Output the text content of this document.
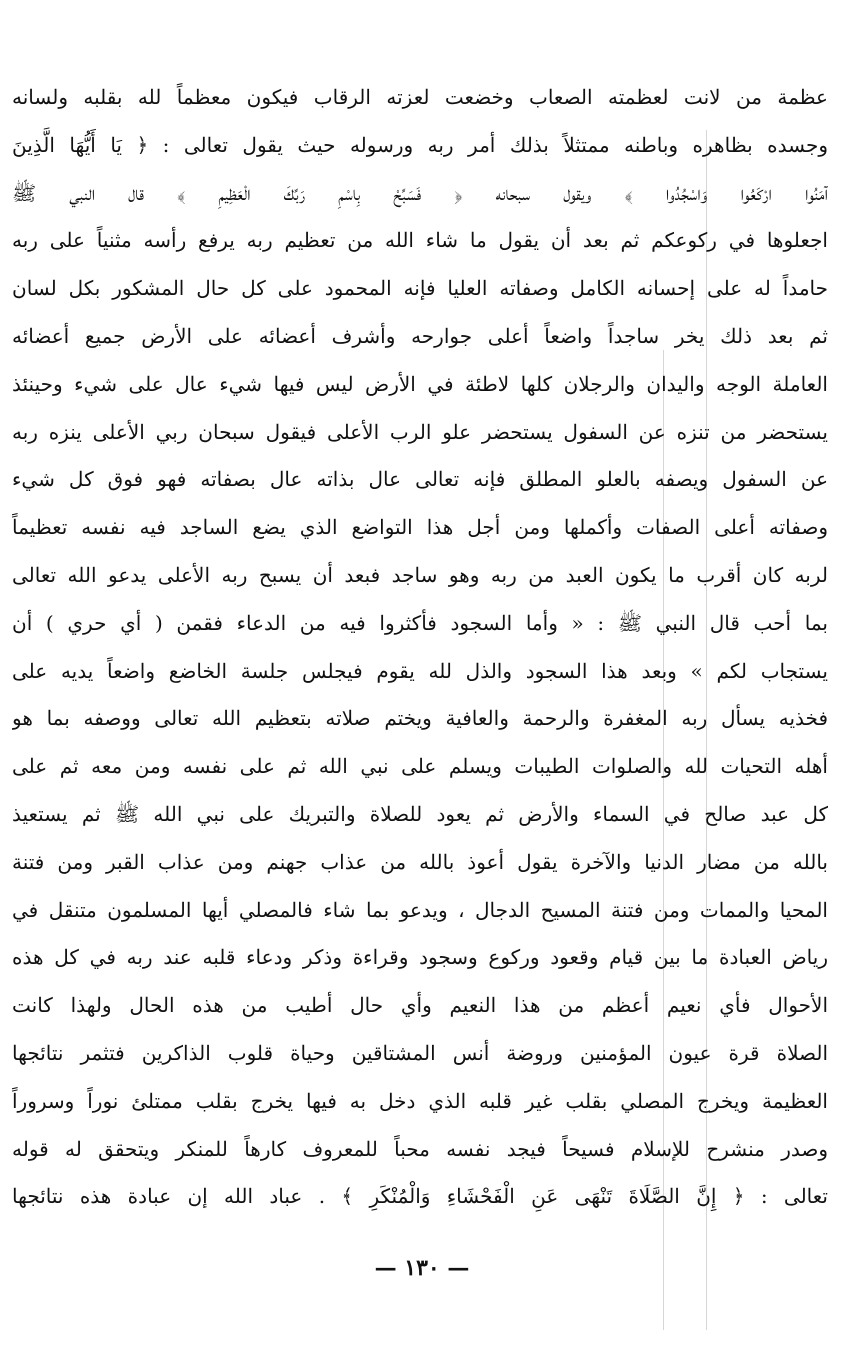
عظمة من لانت لعظمته الصعاب وخضعت لعزته الرقاب فيكون معظماً لله بقلبه ولسانه
وجسده بظاهره وباطنه ممتثلاً بذلك أمر ربه ورسوله حيث يقول تعالى : ﴿ يَا أَيُّهَا الَّذِينَ
آمَنُوا ارْكَعُوا وَاسْجُدُوا ﴾ ويقول سبحانه ﴿ فَسَبِّحْ بِاسْمِ رَبِّكَ الْعَظِيمِ ﴾ قال النبي ﷺ
اجعلوها في ركوعكم ثم بعد أن يقول ما شاء الله من تعظيم ربه يرفع رأسه مثنياً على ربه
حامداً له على إحسانه الكامل وصفاته العليا فإنه المحمود على كل حال المشكور بكل لسان
ثم بعد ذلك يخر ساجداً واضعاً أعلى جوارحه وأشرف أعضائه على الأرض جميع أعضائه
العاملة الوجه واليدان والرجلان كلها لاطئة في الأرض ليس فيها شيء عال على شيء وحينئذ
يستحضر من تنزه عن السفول يستحضر علو الرب الأعلى فيقول سبحان ربي الأعلى ينزه ربه
عن السفول ويصفه بالعلو المطلق فإنه تعالى عال بذاته عال بصفاته فهو فوق كل شيء
وصفاته أعلى الصفات وأكملها ومن أجل هذا التواضع الذي يضع الساجد فيه نفسه تعظيماً
لربه كان أقرب ما يكون العبد من ربه وهو ساجد فبعد أن يسبح ربه الأعلى يدعو الله تعالى
بما أحب قال النبي ﷺ : « وأما السجود فأكثروا فيه من الدعاء فقمن ( أي حري ) أن
يستجاب لكم » وبعد هذا السجود والذل لله يقوم فيجلس جلسة الخاضع واضعاً يديه على
فخذيه يسأل ربه المغفرة والرحمة والعافية ويختم صلاته بتعظيم الله تعالى ووصفه بما هو
أهله التحيات لله والصلوات الطيبات ويسلم على نبي الله ثم على نفسه ومن معه ثم على
كل عبد صالح في السماء والأرض ثم يعود للصلاة والتبريك على نبي الله ﷺ ثم يستعيذ
بالله من مضار الدنيا والآخرة يقول أعوذ بالله من عذاب جهنم ومن عذاب القبر ومن فتنة
المحيا والممات ومن فتنة المسيح الدجال ، ويدعو بما شاء فالمصلي أيها المسلمون متنقل في
رياض العبادة ما بين قيام وقعود وركوع وسجود وقراءة وذكر ودعاء قلبه عند ربه في كل هذه
الأحوال فأي نعيم أعظم من هذا النعيم وأي حال أطيب من هذه الحال ولهذا كانت
الصلاة قرة عيون المؤمنين وروضة أنس المشتاقين وحياة قلوب الذاكرين فتثمر نتائجها
العظيمة ويخرج المصلي بقلب غير قلبه الذي دخل به فيها يخرج بقلب ممتلئ نوراً وسروراً
وصدر منشرح للإسلام فسيحاً فيجد نفسه محباً للمعروف كارهاً للمنكر ويتحقق له قوله
تعالى : ﴿ إِنَّ الصَّلَاةَ تَنْهَى عَنِ الْفَحْشَاءِ وَالْمُنْكَرِ ﴾ . عباد الله إن عبادة هذه نتائجها
— ١٣٠ —
